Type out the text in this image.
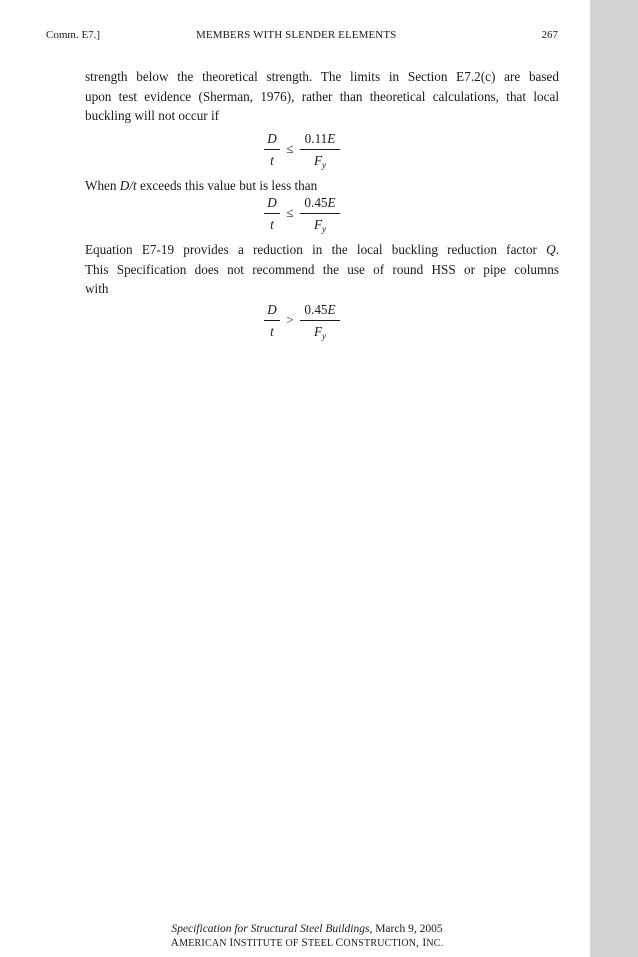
Comm. E7.]	MEMBERS WITH SLENDER ELEMENTS	267
strength below the theoretical strength. The limits in Section E7.2(c) are based
upon test evidence (Sherman, 1976), rather than theoretical calculations, that local
buckling will not occur if
D
t
≤
0.11E
$F_y$
When D/t exceeds this value but is less than
D
t
≤
0.45E
$F_y$
Equation E7-19 provides a reduction in the local buckling reduction factor Q.
This Specification does not recommend the use of round HSS or pipe columns
with
D
t
>
0.45E
$F_y$
Specification for Structural Steel Buildings, March 9, 2005
AMERICAN INSTITUTE OF STEEL CONSTRUCTION, INC.
